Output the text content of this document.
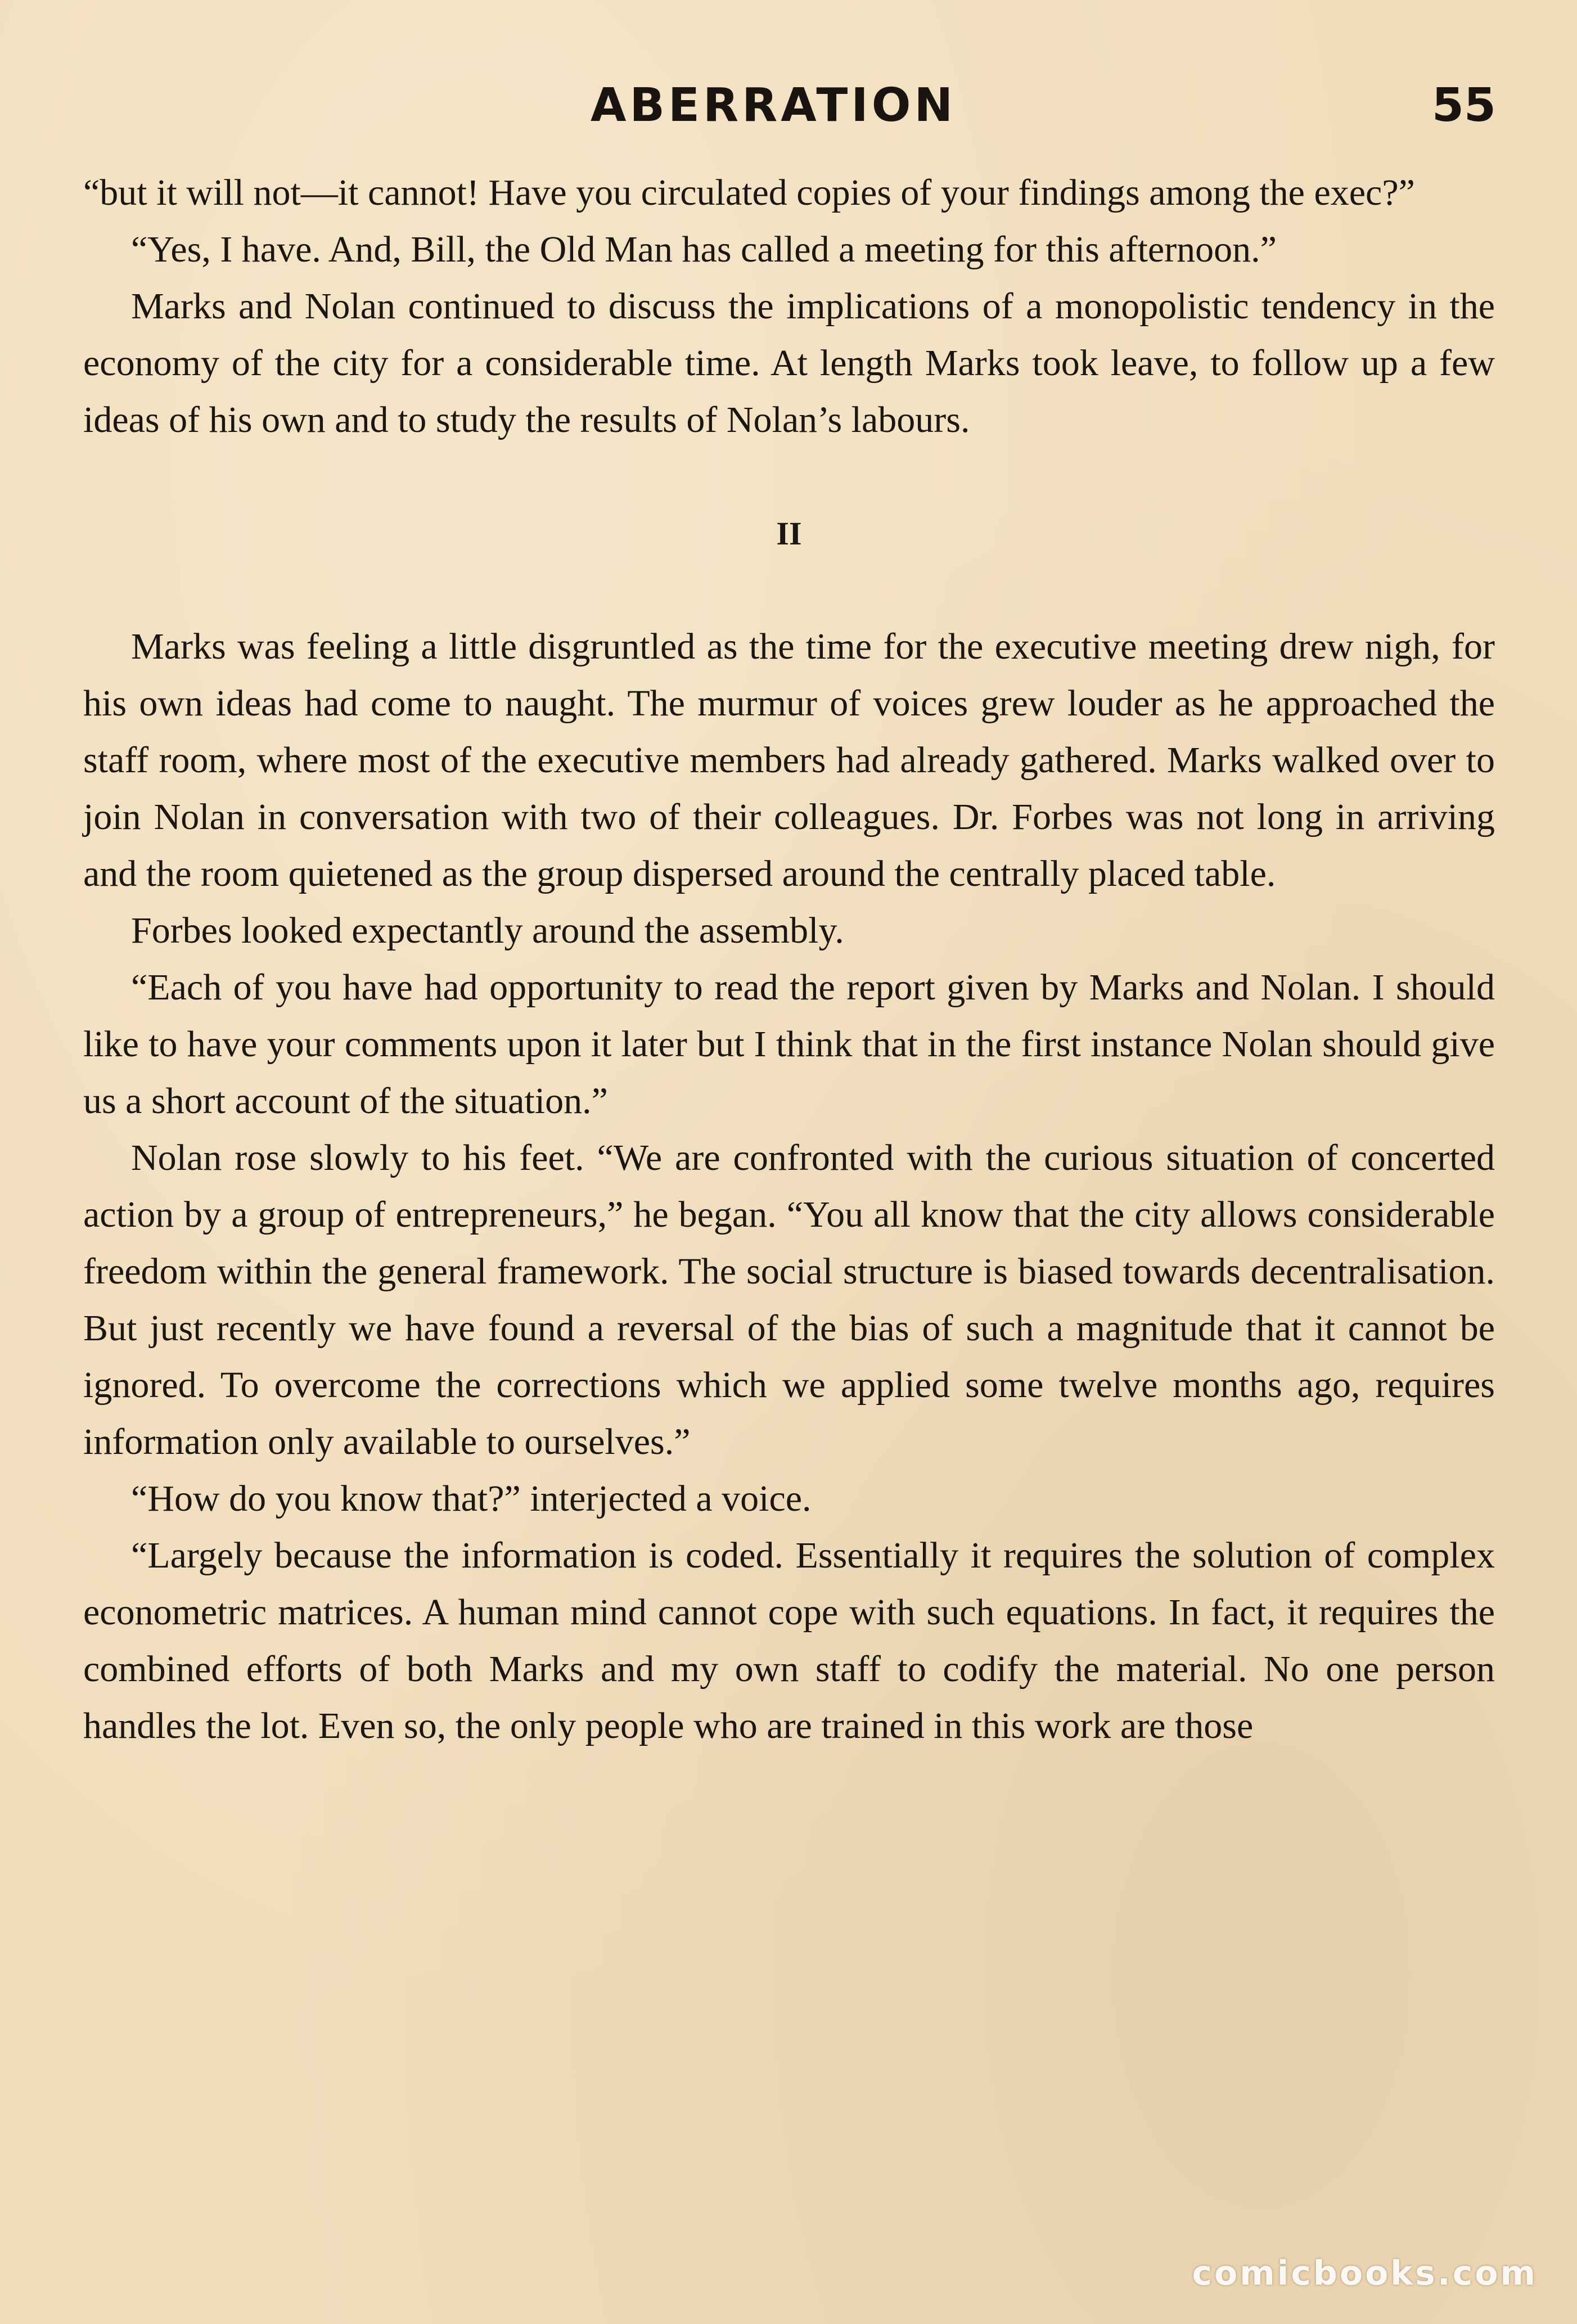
ABERRATION	55

“but it will not—it cannot! Have you circulated copies of your findings among the exec?”

“Yes, I have. And, Bill, the Old Man has called a meeting for this afternoon.”

Marks and Nolan continued to discuss the implications of a monopolistic tendency in the economy of the city for a considerable time. At length Marks took leave, to follow up a few ideas of his own and to study the results of Nolan’s labours.

II

Marks was feeling a little disgruntled as the time for the executive meeting drew nigh, for his own ideas had come to naught. The murmur of voices grew louder as he approached the staff room, where most of the executive members had already gathered. Marks walked over to join Nolan in conversation with two of their colleagues. Dr. Forbes was not long in arriving and the room quietened as the group dispersed around the centrally placed table.

Forbes looked expectantly around the assembly.

“Each of you have had opportunity to read the report given by Marks and Nolan. I should like to have your comments upon it later but I think that in the first instance Nolan should give us a short account of the situation.”

Nolan rose slowly to his feet. “We are confronted with the curious situation of concerted action by a group of entrepreneurs,” he began. “You all know that the city allows considerable freedom within the general framework. The social structure is biased towards decentralisation. But just recently we have found a reversal of the bias of such a magnitude that it cannot be ignored. To overcome the corrections which we applied some twelve months ago, requires information only available to ourselves.”

“How do you know that?” interjected a voice.

“Largely because the information is coded. Essentially it requires the solution of complex econometric matrices. A human mind cannot cope with such equations. In fact, it requires the combined efforts of both Marks and my own staff to codify the material. No one person handles the lot. Even so, the only people who are trained in this work are those

comicbooks.com
